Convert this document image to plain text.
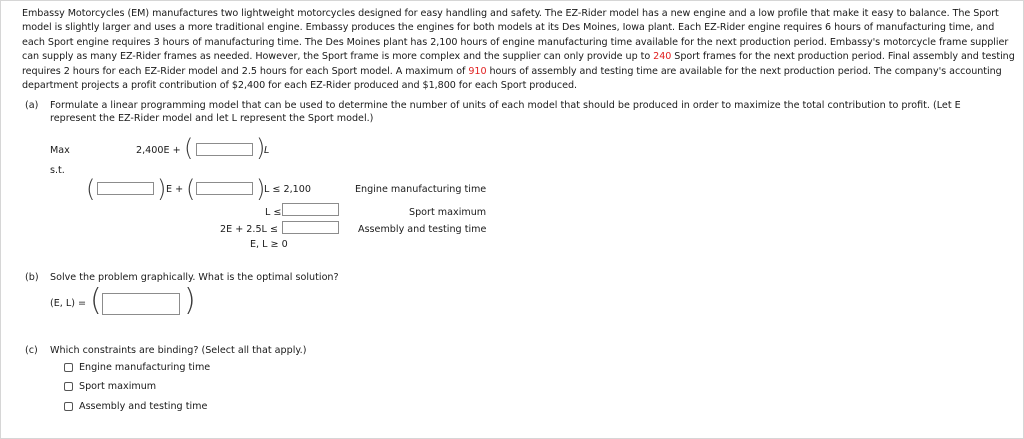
Embassy Motorcycles (EM) manufactures two lightweight motorcycles designed for easy handling and safety. The EZ-Rider model has a new engine and a low profile that make it easy to balance. The Sport model is slightly larger and uses a more traditional engine. Embassy produces the engines for both models at its Des Moines, Iowa plant. Each EZ-Rider engine requires 6 hours of manufacturing time, and each Sport engine requires 3 hours of manufacturing time. The Des Moines plant has 2,100 hours of engine manufacturing time available for the next production period. Embassy's motorcycle frame supplier can supply as many EZ-Rider frames as needed. However, the Sport frame is more complex and the supplier can only provide up to 240 Sport frames for the next production period. Final assembly and testing requires 2 hours for each EZ-Rider model and 2.5 hours for each Sport model. A maximum of 910 hours of assembly and testing time are available for the next production period. The company's accounting department projects a profit contribution of $2,400 for each EZ-Rider produced and $1,800 for each Sport produced.
(a)	Formulate a linear programming model that can be used to determine the number of units of each model that should be produced in order to maximize the total contribution to profit. (Let E represent the EZ-Rider model and let L represent the Sport model.)
Max
s.t.
2,400E + (	)
L
(	) E + (	)
L ≤ 2,100	Engine manufacturing time
L ≤	Sport maximum
2E + 2.5L ≤	Assembly and testing time
E, L ≥ 0
(b)	Solve the problem graphically. What is the optimal solution?
(E, L) = (	)
(c)	Which constraints are binding? (Select all that apply.)
Engine manufacturing time
Sport maximum
Assembly and testing time
